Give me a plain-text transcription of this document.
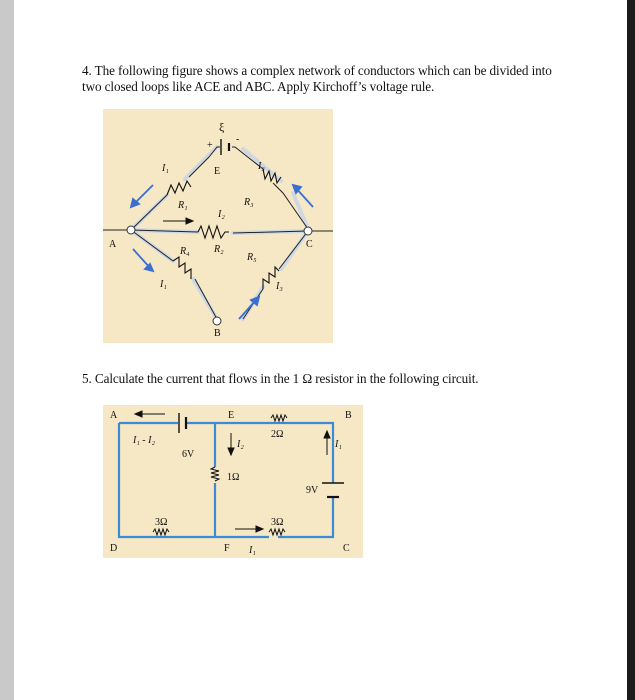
4. The following figure shows a complex network of conductors which can be divided into two closed loops like ACE and ABC. Apply Kirchoff’s voltage rule.

ξ
+
-
A	C
B
E
I₁	I₃
I₂
I₁	I₃
R₁	R₃
R₂
R₄
R₅

5. Calculate the current that flows in the 1 Ω resistor in the following circuit.

A	E	B
D	F	C
I₁ - I₂	I₂	I₁
I₁
6V
9V
2Ω
1Ω
3Ω	3Ω
